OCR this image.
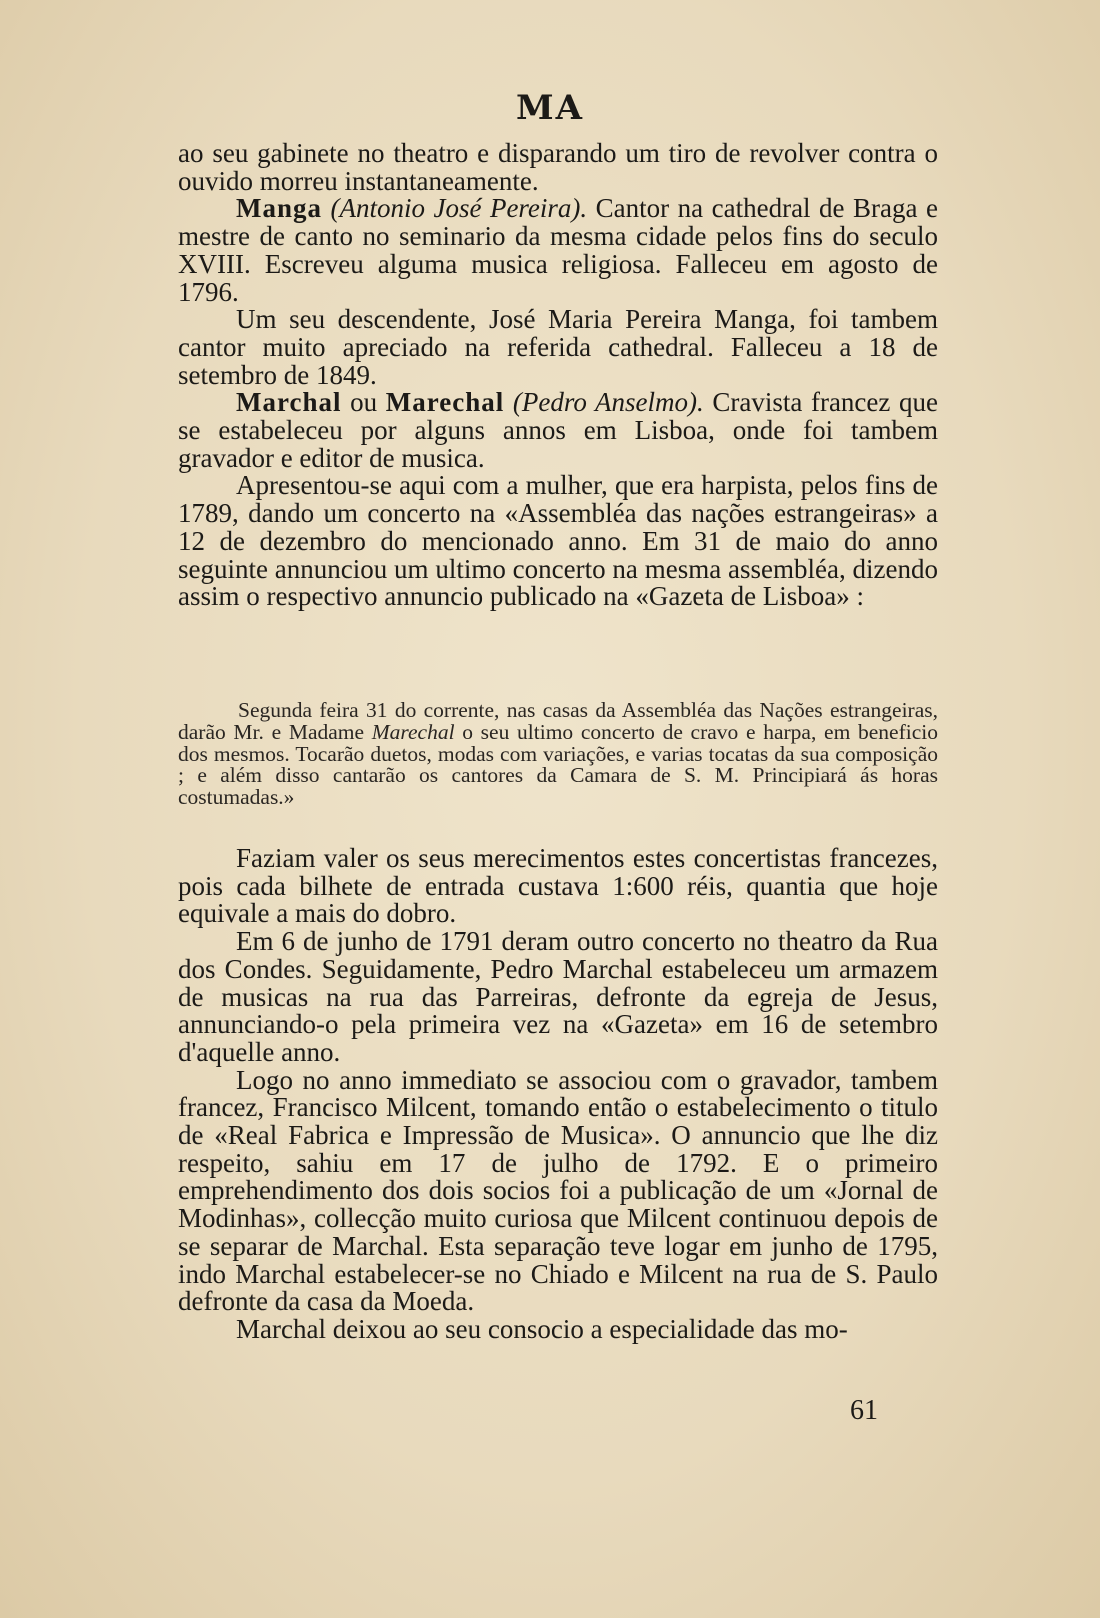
MA

ao seu gabinete no theatro e disparando um tiro de revolver contra o ouvido morreu instantaneamente.

Manga (Antonio José Pereira). Cantor na cathedral de Braga e mestre de canto no seminario da mesma cidade pelos fins do seculo XVIII. Escreveu alguma musica religiosa. Falleceu em agosto de 1796.

Um seu descendente, José Maria Pereira Manga, foi tambem cantor muito apreciado na referida cathedral. Falleceu a 18 de setembro de 1849.

Marchal ou Marechal (Pedro Anselmo). Cravista francez que se estabeleceu por alguns annos em Lisboa, onde foi tambem gravador e editor de musica.

Apresentou-se aqui com a mulher, que era harpista, pelos fins de 1789, dando um concerto na «Assembléa das nações estrangeiras» a 12 de dezembro do mencionado anno. Em 31 de maio do anno seguinte annunciou um ultimo concerto na mesma assembléa, dizendo assim o respectivo annuncio publicado na «Gazeta de Lisboa» :

Segunda feira 31 do corrente, nas casas da Assembléa das Nações estrangeiras, darão Mr. e Madame Marechal o seu ultimo concerto de cravo e harpa, em beneficio dos mesmos. Tocarão duetos, modas com variações, e varias tocatas da sua composição ; e além disso cantarão os cantores da Camara de S. M. Principiará ás horas costumadas.»

Faziam valer os seus merecimentos estes concertistas francezes, pois cada bilhete de entrada custava 1:600 réis, quantia que hoje equivale a mais do dobro.

Em 6 de junho de 1791 deram outro concerto no theatro da Rua dos Condes. Seguidamente, Pedro Marchal estabeleceu um armazem de musicas na rua das Parreiras, defronte da egreja de Jesus, annunciando-o pela primeira vez na «Gazeta» em 16 de setembro d'aquelle anno.

Logo no anno immediato se associou com o gravador, tambem francez, Francisco Milcent, tomando então o estabelecimento o titulo de «Real Fabrica e Impressão de Musica». O annuncio que lhe diz respeito, sahiu em 17 de julho de 1792. E o primeiro emprehendimento dos dois socios foi a publicação de um «Jornal de Modinhas», collecção muito curiosa que Milcent continuou depois de se separar de Marchal. Esta separação teve logar em junho de 1795, indo Marchal estabelecer-se no Chiado e Milcent na rua de S. Paulo defronte da casa da Moeda.

Marchal deixou ao seu consocio a especialidade das mo-

61
